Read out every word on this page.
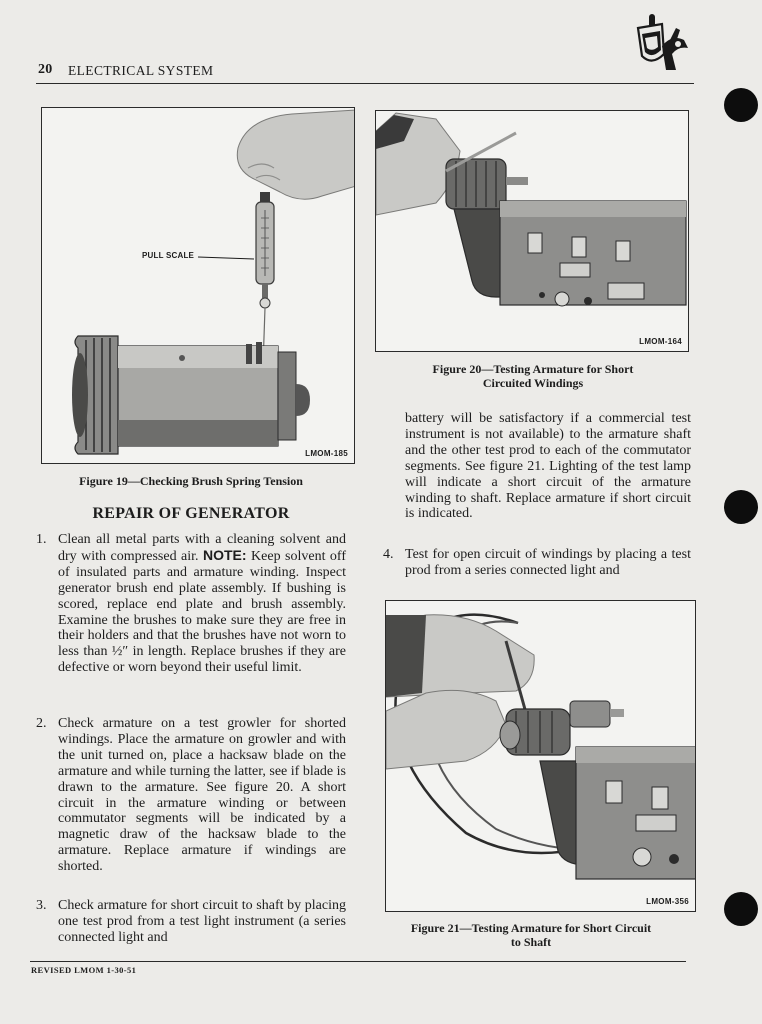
20 ELECTRICAL SYSTEM
PULL SCALE
LMOM-185
Figure 19—Checking Brush Spring Tension
LMOM-164
Figure 20—Testing Armature for Short
Circuited Windings
LMOM-356
Figure 21—Testing Armature for Short Circuit
to Shaft
REPAIR OF GENERATOR
1. Clean all metal parts with a cleaning solvent and dry with compressed air. NOTE: Keep solvent off of insulated parts and armature winding. Inspect generator brush end plate assembly. If bushing is scored, replace end plate and brush assembly. Examine the brushes to make sure they are free in their holders and that the brushes have not worn to less than ½″ in length. Replace brushes if they are defective or worn beyond their useful limit.
2. Check armature on a test growler for shorted windings. Place the armature on growler and with the unit turned on, place a hacksaw blade on the armature and while turning the latter, see if blade is drawn to the armature. See figure 20. A short circuit in the armature winding or between commutator segments will be indicated by a magnetic draw of the hacksaw blade to the armature. Replace armature if windings are shorted.
3. Check armature for short circuit to shaft by placing one test prod from a test light instrument (a series connected light and
battery will be satisfactory if a commercial test instrument is not available) to the armature shaft and the other test prod to each of the commutator segments. See figure 21. Lighting of the test lamp will indicate a short circuit of the armature winding to shaft. Replace armature if short circuit is indicated.
4. Test for open circuit of windings by placing a test prod from a series connected light and
REVISED LMOM 1-30-51
